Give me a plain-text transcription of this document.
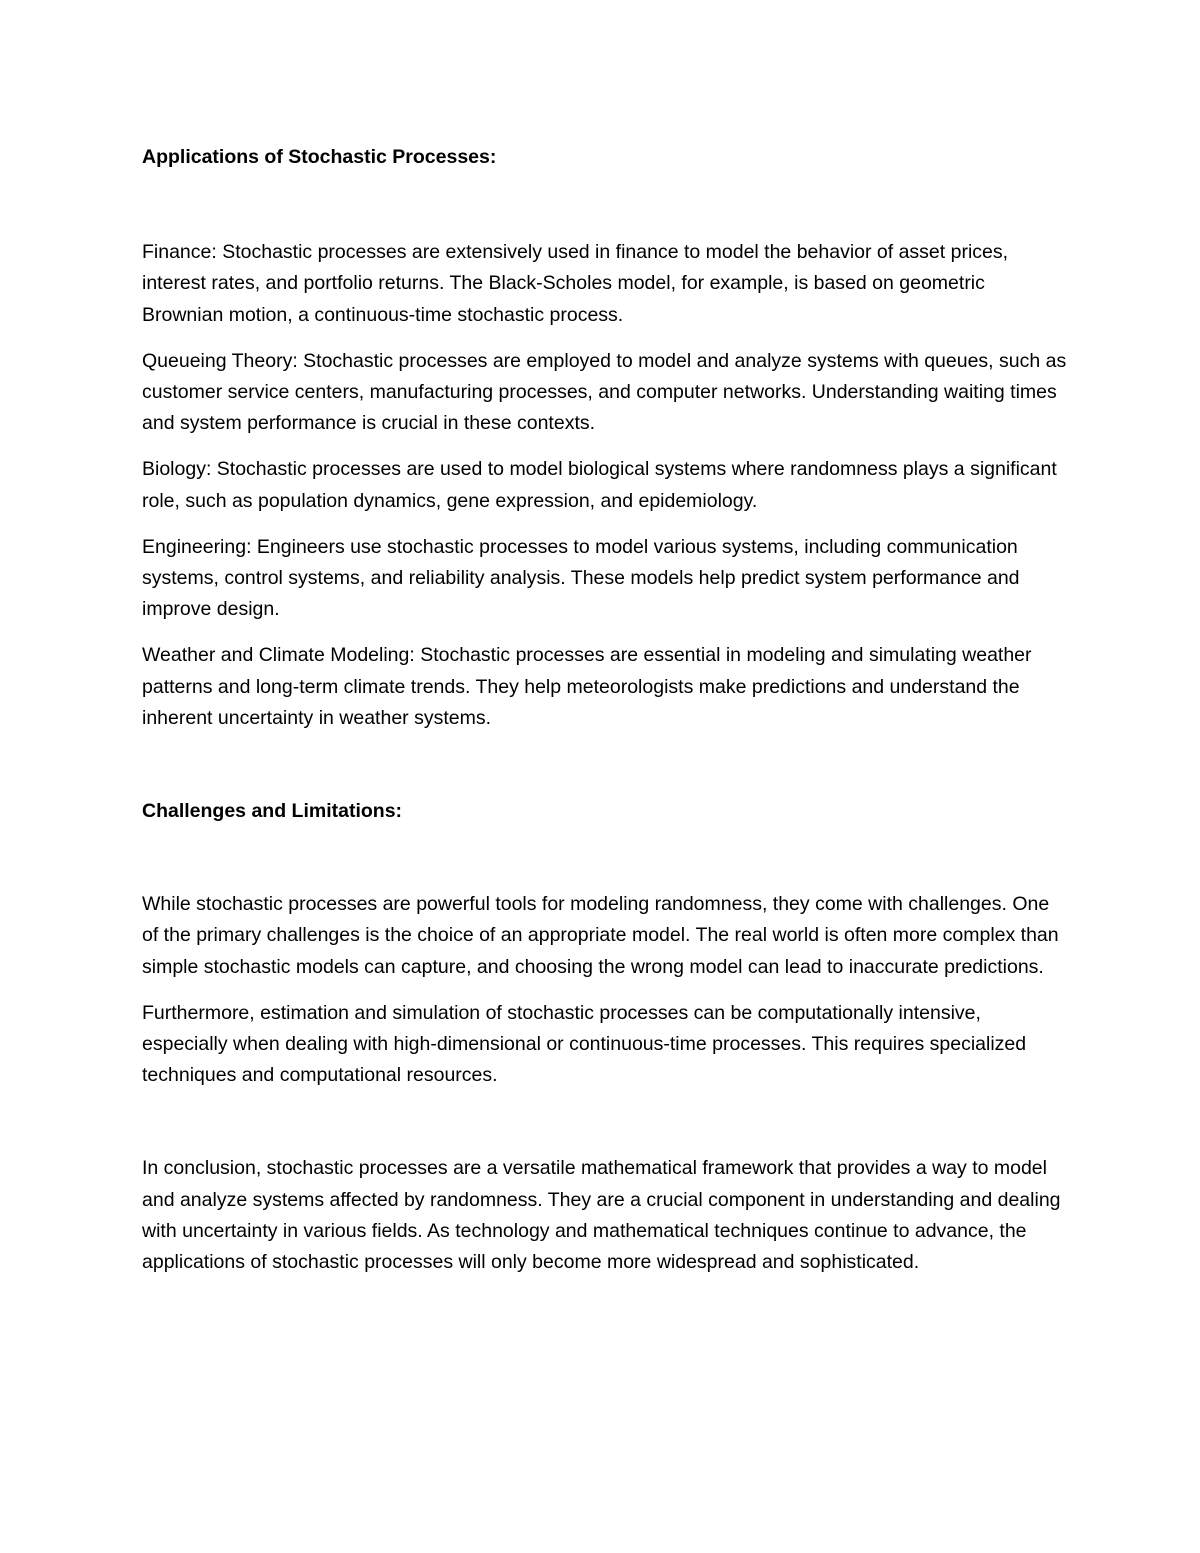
Applications of Stochastic Processes:

Finance: Stochastic processes are extensively used in finance to model the behavior of asset prices, interest rates, and portfolio returns. The Black-Scholes model, for example, is based on geometric Brownian motion, a continuous-time stochastic process.

Queueing Theory: Stochastic processes are employed to model and analyze systems with queues, such as customer service centers, manufacturing processes, and computer networks. Understanding waiting times and system performance is crucial in these contexts.

Biology: Stochastic processes are used to model biological systems where randomness plays a significant role, such as population dynamics, gene expression, and epidemiology.

Engineering: Engineers use stochastic processes to model various systems, including communication systems, control systems, and reliability analysis. These models help predict system performance and improve design.

Weather and Climate Modeling: Stochastic processes are essential in modeling and simulating weather patterns and long-term climate trends. They help meteorologists make predictions and understand the inherent uncertainty in weather systems.

Challenges and Limitations:

While stochastic processes are powerful tools for modeling randomness, they come with challenges. One of the primary challenges is the choice of an appropriate model. The real world is often more complex than simple stochastic models can capture, and choosing the wrong model can lead to inaccurate predictions.

Furthermore, estimation and simulation of stochastic processes can be computationally intensive, especially when dealing with high-dimensional or continuous-time processes. This requires specialized techniques and computational resources.

In conclusion, stochastic processes are a versatile mathematical framework that provides a way to model and analyze systems affected by randomness. They are a crucial component in understanding and dealing with uncertainty in various fields. As technology and mathematical techniques continue to advance, the applications of stochastic processes will only become more widespread and sophisticated.
